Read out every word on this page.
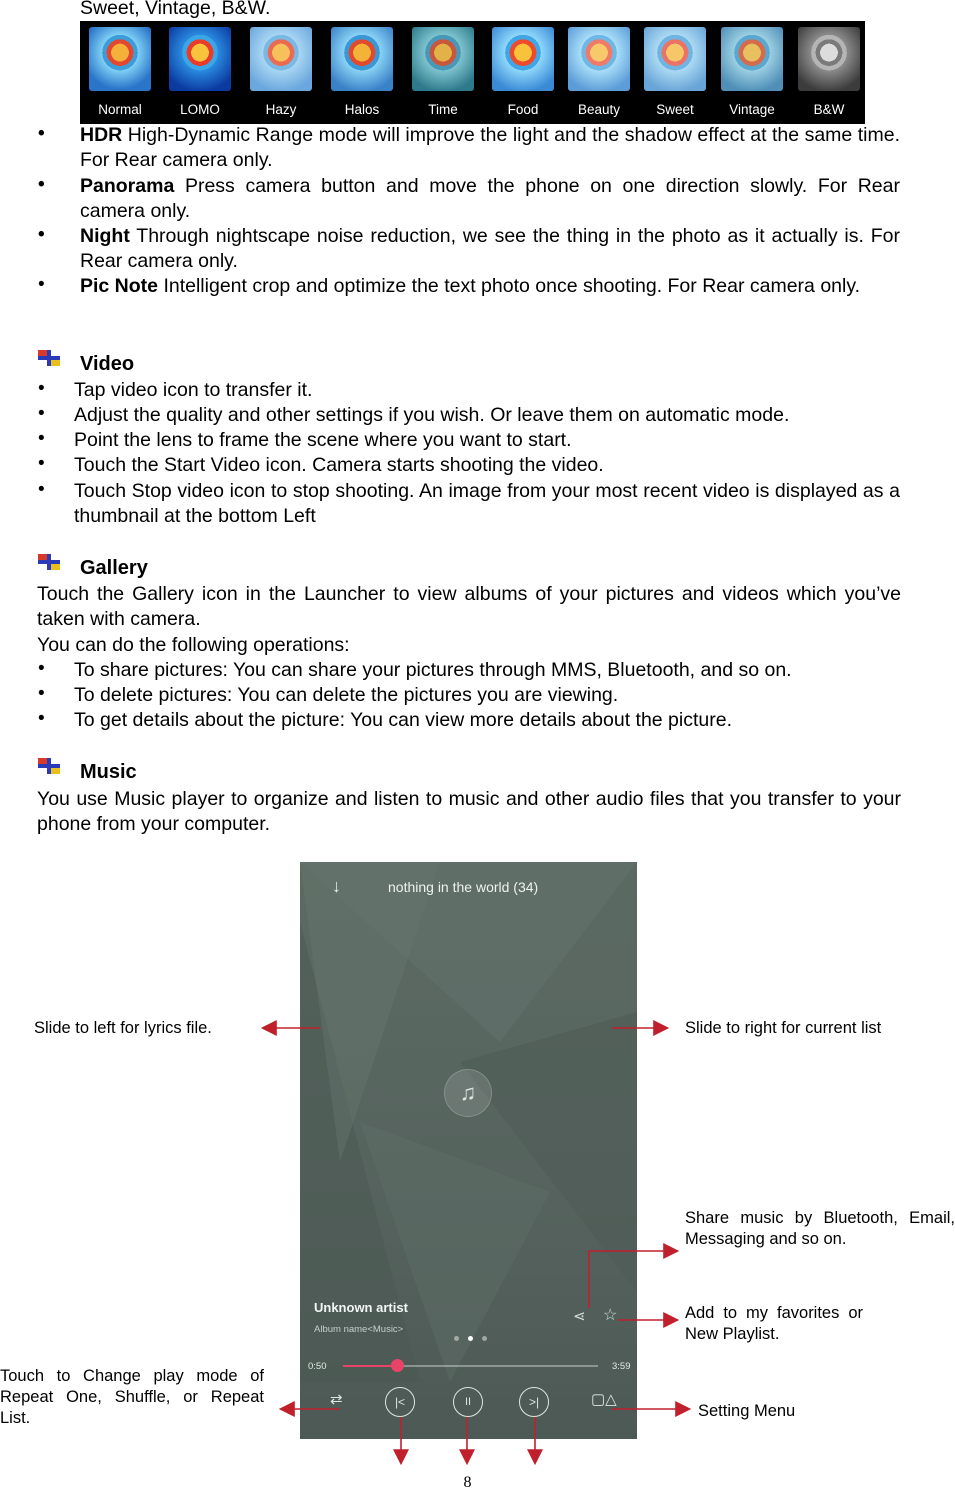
Sweet, Vintage, B&W.
Normal	LOMO	Hazy	Halos	Time	Food	Beauty	Sweet	Vintage	B&W
• HDR High-Dynamic Range mode will improve the light and the shadow effect at the same time. For Rear camera only.
• Panorama Press camera button and move the phone on one direction slowly. For Rear camera only.
• Night Through nightscape noise reduction, we see the thing in the photo as it actually is. For Rear camera only.
• Pic Note Intelligent crop and optimize the text photo once shooting. For Rear camera only.
Video
• Tap video icon to transfer it.
• Adjust the quality and other settings if you wish. Or leave them on automatic mode.
• Point the lens to frame the scene where you want to start.
• Touch the Start Video icon. Camera starts shooting the video.
• Touch Stop video icon to stop shooting. An image from your most recent video is displayed as a thumbnail at the bottom Left
Gallery
Touch the Gallery icon in the Launcher to view albums of your pictures and videos which you’ve taken with camera.
You can do the following operations:
• To share pictures: You can share your pictures through MMS, Bluetooth, and so on.
• To delete pictures: You can delete the pictures you are viewing.
• To get details about the picture: You can view more details about the picture.
Music
You use Music player to organize and listen to music and other audio files that you transfer to your phone from your computer.
↓	nothing in the world (34)
♫
Unknown artist
Album name<Music>
⋖ ☆
0:50	3:59
⇄	|<	II	>|	▢△
Slide to left for lyrics file.	Slide to right for current list
Share music by Bluetooth, Email, Messaging and so on.
Add to my favorites or New Playlist.
Touch to Change play mode of Repeat One, Shuffle, or Repeat List.	Setting Menu
8
